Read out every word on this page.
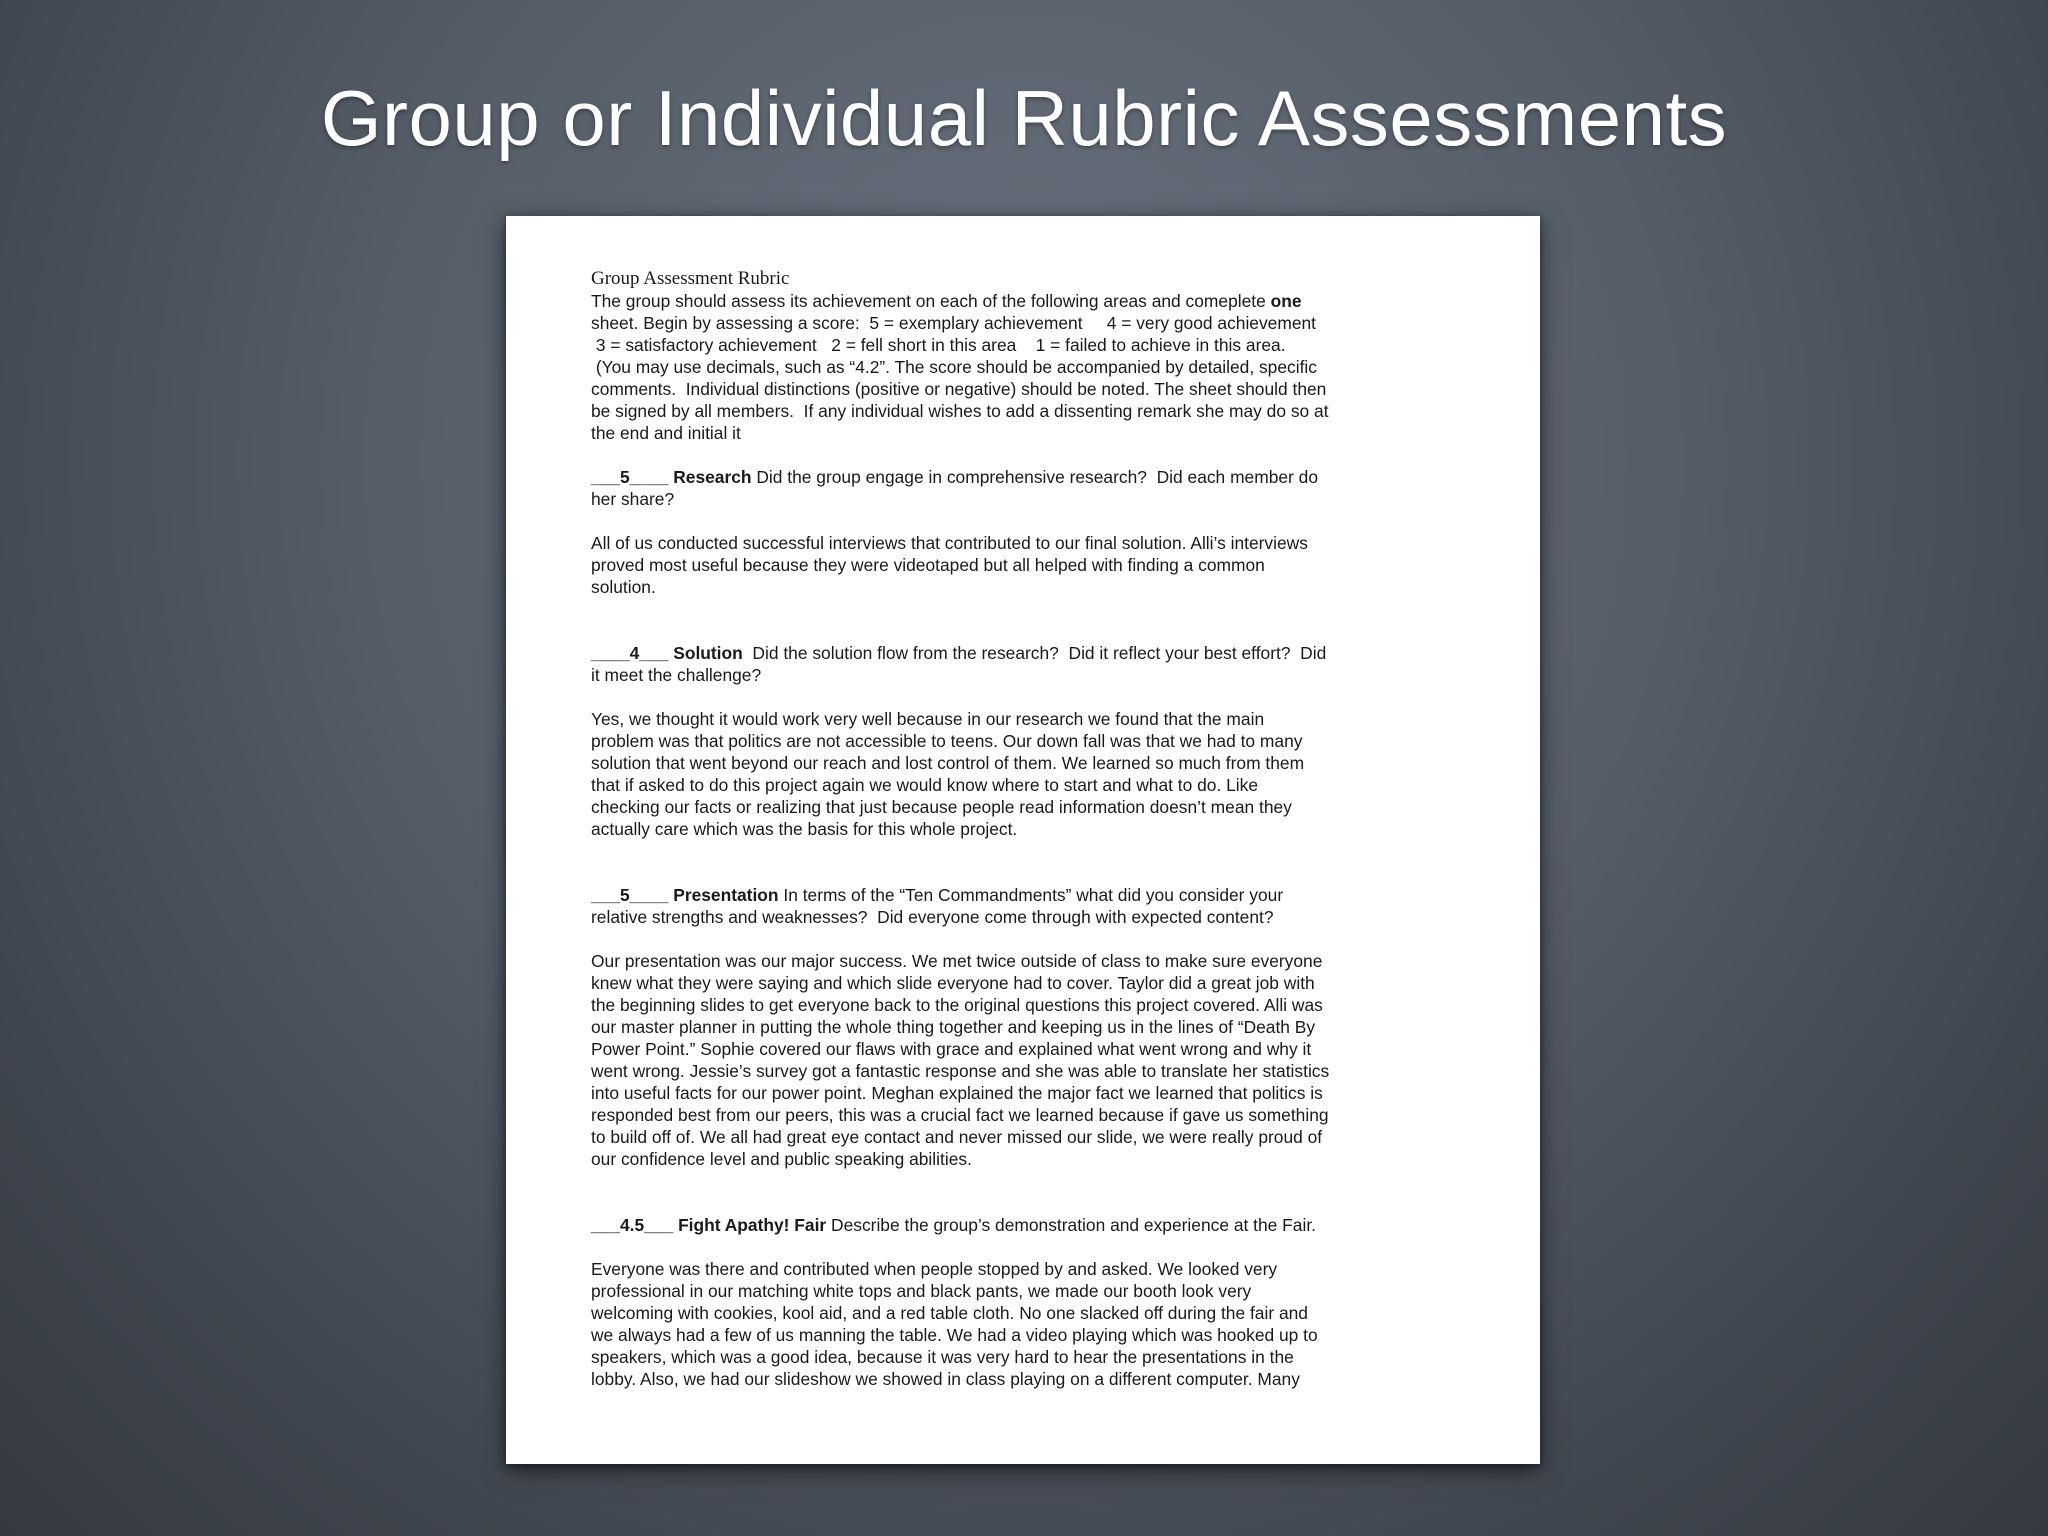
Group or Individual Rubric Assessments
Group Assessment Rubric
The group should assess its achievement on each of the following areas and comeplete one
sheet. Begin by assessing a score:  5 = exemplary achievement     4 = very good achievement
3 = satisfactory achievement   2 = fell short in this area    1 = failed to achieve in this area.
(You may use decimals, such as “4.2”. The score should be accompanied by detailed, specific
comments.  Individual distinctions (positive or negative) should be noted. The sheet should then
be signed by all members.  If any individual wishes to add a dissenting remark she may do so at
the end and initial it
___5____ Research Did the group engage in comprehensive research?  Did each member do
her share?
All of us conducted successful interviews that contributed to our final solution. Alli’s interviews
proved most useful because they were videotaped but all helped with finding a common
solution.
____4___ Solution  Did the solution flow from the research?  Did it reflect your best effort?  Did
it meet the challenge?
Yes, we thought it would work very well because in our research we found that the main
problem was that politics are not accessible to teens. Our down fall was that we had to many
solution that went beyond our reach and lost control of them. We learned so much from them
that if asked to do this project again we would know where to start and what to do. Like
checking our facts or realizing that just because people read information doesn’t mean they
actually care which was the basis for this whole project.
___5____ Presentation In terms of the “Ten Commandments” what did you consider your
relative strengths and weaknesses?  Did everyone come through with expected content?
Our presentation was our major success. We met twice outside of class to make sure everyone
knew what they were saying and which slide everyone had to cover. Taylor did a great job with
the beginning slides to get everyone back to the original questions this project covered. Alli was
our master planner in putting the whole thing together and keeping us in the lines of “Death By
Power Point.” Sophie covered our flaws with grace and explained what went wrong and why it
went wrong. Jessie’s survey got a fantastic response and she was able to translate her statistics
into useful facts for our power point. Meghan explained the major fact we learned that politics is
responded best from our peers, this was a crucial fact we learned because if gave us something
to build off of. We all had great eye contact and never missed our slide, we were really proud of
our confidence level and public speaking abilities.
___4.5___ Fight Apathy! Fair Describe the group’s demonstration and experience at the Fair.
Everyone was there and contributed when people stopped by and asked. We looked very
professional in our matching white tops and black pants, we made our booth look very
welcoming with cookies, kool aid, and a red table cloth. No one slacked off during the fair and
we always had a few of us manning the table. We had a video playing which was hooked up to
speakers, which was a good idea, because it was very hard to hear the presentations in the
lobby. Also, we had our slideshow we showed in class playing on a different computer. Many
